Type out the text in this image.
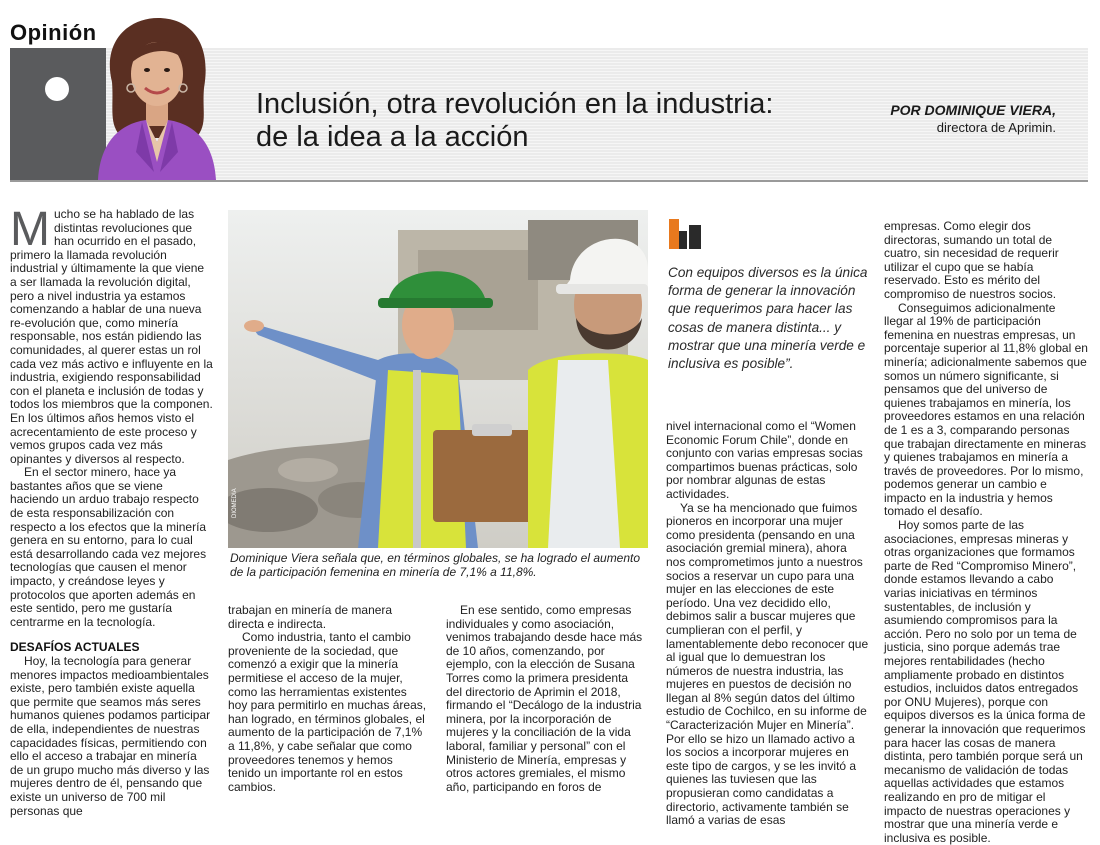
Opinión
Inclusión, otra revolución en la industria: de la idea a la acción

POR DOMINIQUE VIERA,

directora de Aprimin.

Mucho se ha hablado de las distintas revoluciones que han ocurrido en el pasado, primero la llamada revolución industrial y últimamente la que viene a ser llamada la revolución digital, pero a nivel industria ya estamos comenzando a hablar de una nueva re-evolución que, como minería responsable, nos están pidiendo las comunidades, al querer estas un rol cada vez más activo e influyente en la industria, exigiendo responsabilidad con el planeta e inclusión de todas y todos los miembros que la componen. En los últimos años hemos visto el acrecentamiento de este proceso y vemos grupos cada vez más opinantes y diversos al respecto.

En el sector minero, hace ya bastantes años que se viene haciendo un arduo trabajo respecto de esta responsabilización con respecto a los efectos que la minería genera en su entorno, para lo cual está desarrollando cada vez mejores tecnologías que causen el menor impacto, y creándose leyes y protocolos que aporten además en este sentido, pero me gustaría centrarme en la tecnología.

DESAFÍOS ACTUALES

Hoy, la tecnología para generar menores impactos medioambientales existe, pero también existe aquella que permite que seamos más seres humanos quienes podamos participar de ella, independientes de nuestras capacidades físicas, permitiendo con ello el acceso a trabajar en minería de un grupo mucho más diverso y las mujeres dentro de él, pensando que existe un universo de 700 mil personas que

DIOMEDIA

Dominique Viera señala que, en términos globales, se ha logrado el aumento de la participación femenina en minería de 7,1% a 11,8%.

trabajan en minería de manera directa e indirecta.

Como industria, tanto el cambio proveniente de la sociedad, que comenzó a exigir que la minería permitiese el acceso de la mujer, como las herramientas existentes hoy para permitirlo en muchas áreas, han logrado, en términos globales, el aumento de la participación de 7,1% a 11,8%, y cabe señalar que como proveedores tenemos y hemos tenido un importante rol en estos cambios.

En ese sentido, como empresas individuales y como asociación, venimos trabajando desde hace más de 10 años, comenzando, por ejemplo, con la elección de Susana Torres como la primera presidenta del directorio de Aprimin el 2018, firmando el “Decálogo de la industria minera, por la incorporación de mujeres y la conciliación de la vida laboral, familiar y personal” con el Ministerio de Minería, empresas y otros actores gremiales, el mismo año, participando en foros de

Con equipos diversos es la única forma de generar la innovación que requerimos para hacer las cosas de manera distinta... y mostrar que una minería verde e inclusiva es posible”.

nivel internacional como el “Women Economic Forum Chile”, donde en conjunto con varias empresas socias compartimos buenas prácticas, solo por nombrar algunas de estas actividades.

Ya se ha mencionado que fuimos pioneros en incorporar una mujer como presidenta (pensando en una asociación gremial minera), ahora nos comprometimos junto a nuestros socios a reservar un cupo para una mujer en las elecciones de este período. Una vez decidido ello, debimos salir a buscar mujeres que cumplieran con el perfil, y lamentablemente debo reconocer que al igual que lo demuestran los números de nuestra industria, las mujeres en puestos de decisión no llegan al 8% según datos del último estudio de Cochilco, en su informe de “Caracterización Mujer en Minería”. Por ello se hizo un llamado activo a los socios a incorporar mujeres en este tipo de cargos, y se les invitó a quienes las tuviesen que las propusieran como candidatas a directorio, activamente también se llamó a varias de esas

empresas. Como elegir dos directoras, sumando un total de cuatro, sin necesidad de requerir utilizar el cupo que se había reservado. Esto es mérito del compromiso de nuestros socios.

Conseguimos adicionalmente llegar al 19% de participación femenina en nuestras empresas, un porcentaje superior al 11,8% global en minería; adicionalmente sabemos que somos un número significante, si pensamos que del universo de quienes trabajamos en minería, los proveedores estamos en una relación de 1 es a 3, comparando personas que trabajan directamente en mineras y quienes trabajamos en minería a través de proveedores. Por lo mismo, podemos generar un cambio e impacto en la industria y hemos tomado el desafío.

Hoy somos parte de las asociaciones, empresas mineras y otras organizaciones que formamos parte de Red “Compromiso Minero”, donde estamos llevando a cabo varias iniciativas en términos sustentables, de inclusión y asumiendo compromisos para la acción. Pero no solo por un tema de justicia, sino porque además trae mejores rentabilidades (hecho ampliamente probado en distintos estudios, incluidos datos entregados por ONU Mujeres), porque con equipos diversos es la única forma de generar la innovación que requerimos para hacer las cosas de manera distinta, pero también porque será un mecanismo de validación de todas aquellas actividades que estamos realizando en pro de mitigar el impacto de nuestras operaciones y mostrar que una minería verde e inclusiva es posible.
